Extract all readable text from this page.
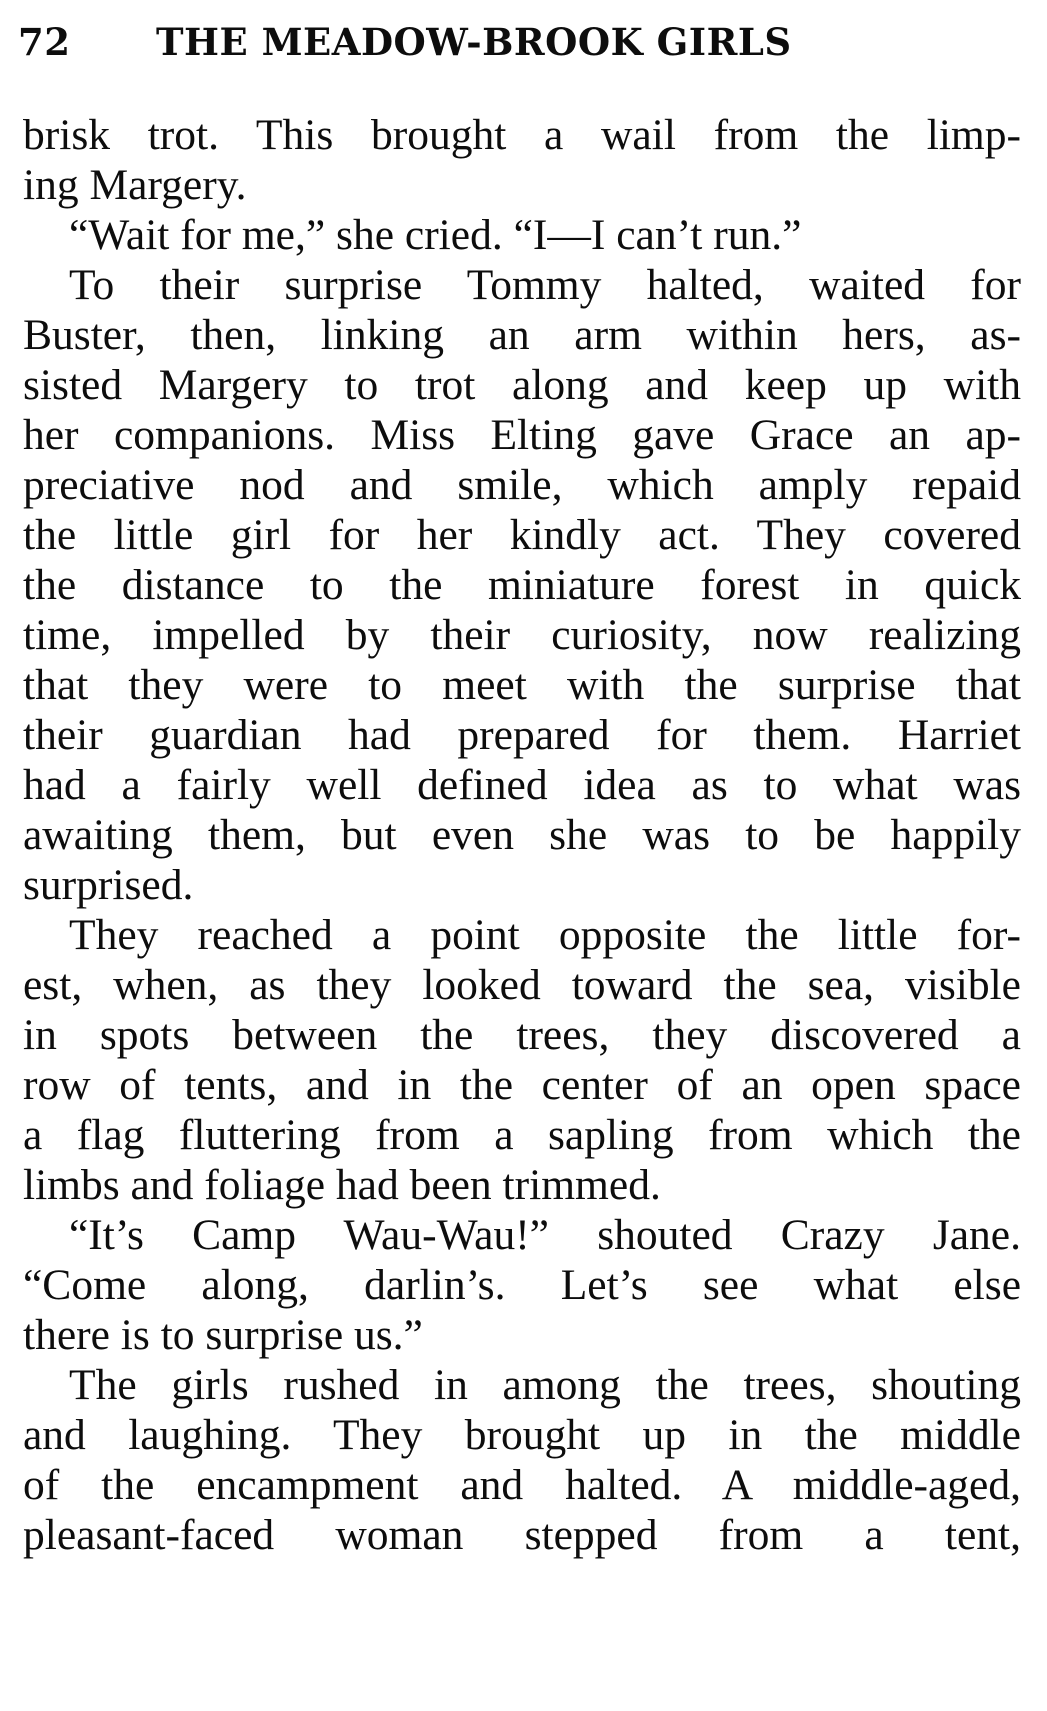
72 THE MEADOW-BROOK GIRLS
brisk trot. This brought a wail from the limp-
ing Margery.
“Wait for me,” she cried. “I—I can’t run.”
To their surprise Tommy halted, waited for
Buster, then, linking an arm within hers, as-
sisted Margery to trot along and keep up with
her companions. Miss Elting gave Grace an ap-
preciative nod and smile, which amply repaid
the little girl for her kindly act. They covered
the distance to the miniature forest in quick
time, impelled by their curiosity, now realizing
that they were to meet with the surprise that
their guardian had prepared for them. Harriet
had a fairly well defined idea as to what was
awaiting them, but even she was to be happily
surprised.
They reached a point opposite the little for-
est, when, as they looked toward the sea, visible
in spots between the trees, they discovered a
row of tents, and in the center of an open space
a flag fluttering from a sapling from which the
limbs and foliage had been trimmed.
“It’s Camp Wau-Wau!” shouted Crazy Jane.
“Come along, darlin’s. Let’s see what else
there is to surprise us.”
The girls rushed in among the trees, shouting
and laughing. They brought up in the middle
of the encampment and halted. A middle-aged,
pleasant-faced woman stepped from a tent,
